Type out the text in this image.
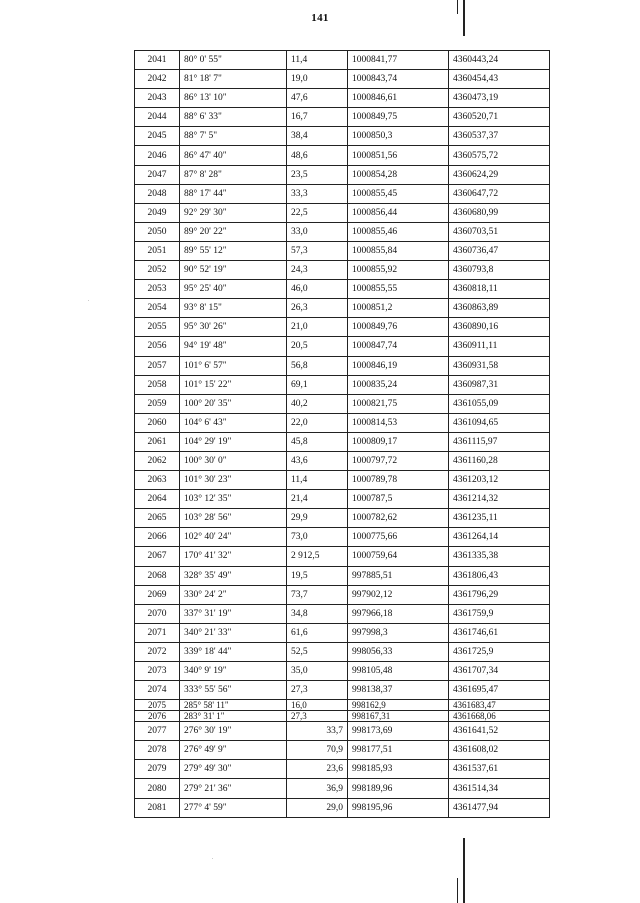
141
2041	80° 0' 55"	11,4	1000841,77	4360443,24
2042	81° 18' 7"	19,0	1000843,74	4360454,43
2043	86° 13' 10"	47,6	1000846,61	4360473,19
2044	88° 6' 33"	16,7	1000849,75	4360520,71
2045	88° 7' 5"	38,4	1000850,3	4360537,37
2046	86° 47' 40"	48,6	1000851,56	4360575,72
2047	87° 8' 28"	23,5	1000854,28	4360624,29
2048	88° 17' 44"	33,3	1000855,45	4360647,72
2049	92° 29' 30"	22,5	1000856,44	4360680,99
2050	89° 20' 22"	33,0	1000855,46	4360703,51
2051	89° 55' 12"	57,3	1000855,84	4360736,47
2052	90° 52' 19"	24,3	1000855,92	4360793,8
2053	95° 25' 40"	46,0	1000855,55	4360818,11
2054	93° 8' 15"	26,3	1000851,2	4360863,89
2055	95° 30' 26"	21,0	1000849,76	4360890,16
2056	94° 19' 48"	20,5	1000847,74	4360911,11
2057	101° 6' 57"	56,8	1000846,19	4360931,58
2058	101° 15' 22"	69,1	1000835,24	4360987,31
2059	100° 20' 35"	40,2	1000821,75	4361055,09
2060	104° 6' 43"	22,0	1000814,53	4361094,65
2061	104° 29' 19"	45,8	1000809,17	4361115,97
2062	100° 30' 0"	43,6	1000797,72	4361160,28
2063	101° 30' 23"	11,4	1000789,78	4361203,12
2064	103° 12' 35"	21,4	1000787,5	4361214,32
2065	103° 28' 56"	29,9	1000782,62	4361235,11
2066	102° 40' 24"	73,0	1000775,66	4361264,14
2067	170° 41' 32"	2 912,5	1000759,64	4361335,38
2068	328° 35' 49"	19,5	997885,51	4361806,43
2069	330° 24' 2"	73,7	997902,12	4361796,29
2070	337° 31' 19"	34,8	997966,18	4361759,9
2071	340° 21' 33"	61,6	997998,3	4361746,61
2072	339° 18' 44"	52,5	998056,33	4361725,9
2073	340° 9' 19"	35,0	998105,48	4361707,34
2074	333° 55' 56"	27,3	998138,37	4361695,47
2075	285° 58' 11"	16,0	998162,9	4361683,47
2076	283° 31' 1"	27,3	998167,31	4361668,06
2077	276° 30' 19"	33,7	998173,69	4361641,52
2078	276° 49' 9"	70,9	998177,51	4361608,02
2079	279° 49' 30"	23,6	998185,93	4361537,61
2080	279° 21' 36"	36,9	998189,96	4361514,34
2081	277° 4' 59"	29,0	998195,96	4361477,94
